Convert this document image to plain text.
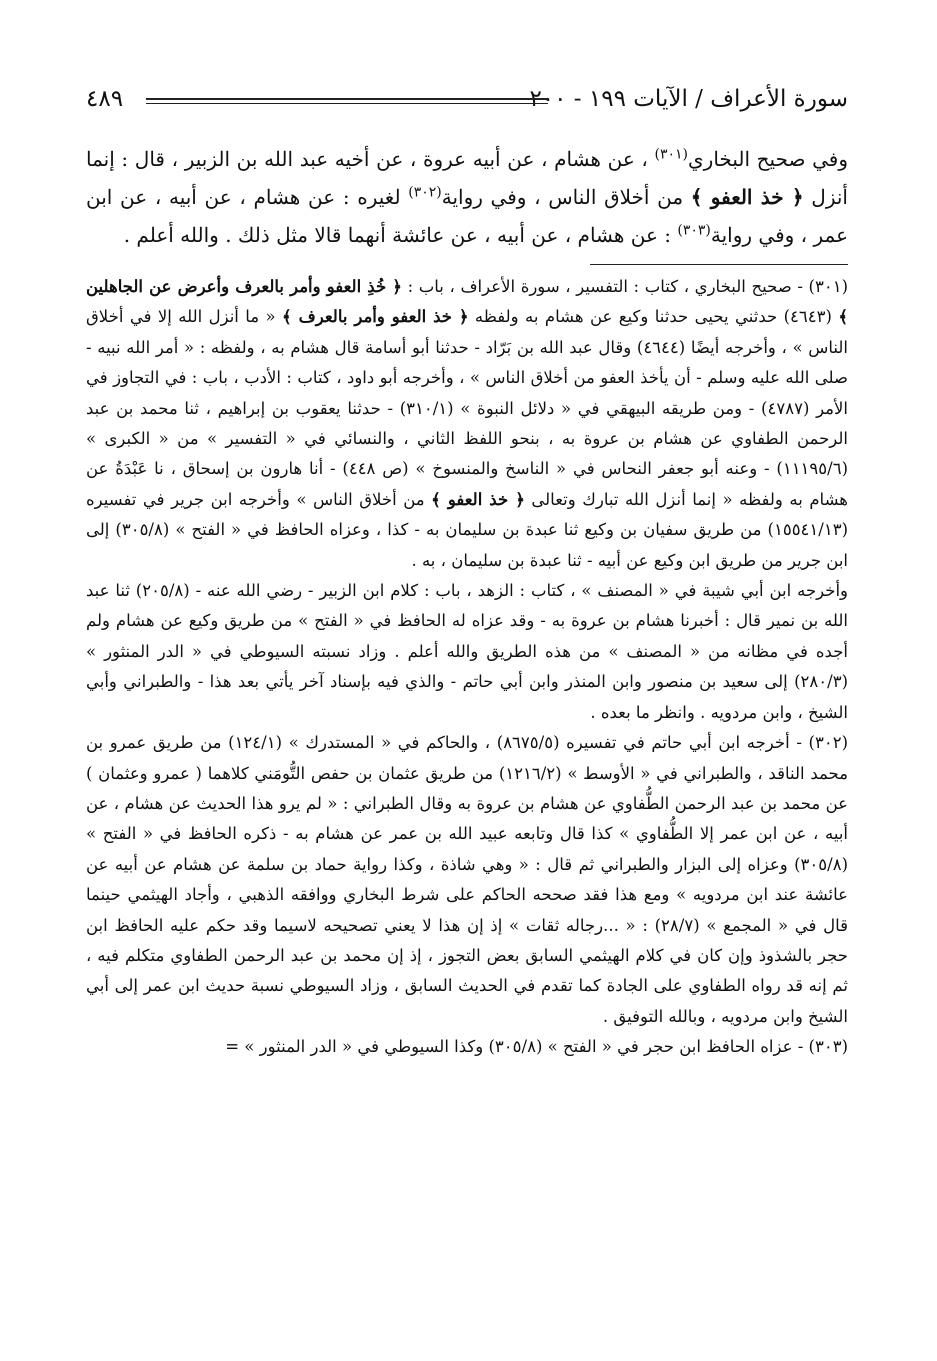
سورة الأعراف / الآيات ١٩٩ - ٢٠٠
٤٨٩
وفي صحيح البخاري$^{(٣٠١)}$ ، عن هشام ، عن أبيه عروة ، عن أخيه عبد الله بن الزبير ، قال : إنما أنزل ﴿ خذ العفو ﴾ من أخلاق الناس ، وفي رواية$^{(٣٠٢)}$ لغيره : عن هشام ، عن أبيه ، عن ابن عمر ، وفي رواية$^{(٣٠٣)}$ : عن هشام ، عن أبيه ، عن عائشة أنهما قالا مثل ذلك . والله أعلم .

(٣٠١) - صحيح البخاري ، كتاب : التفسير ، سورة الأعراف ، باب : ﴿ خُذِ العفو وأمر بالعرف وأعرض عن الجاهلين ﴾ (٤٦٤٣) حدثني يحيى حدثنا وكيع عن هشام به ولفظه ﴿ خذ العفو وأمر بالعرف ﴾ « ما أنزل الله إلا في أخلاق الناس » ، وأخرجه أيضًا (٤٦٤٤) وقال عبد الله بن بَرّاد - حدثنا أبو أسامة قال هشام به ، ولفظه : « أمر الله نبيه - صلى الله عليه وسلم - أن يأخذ العفو من أخلاق الناس » ، وأخرجه أبو داود ، كتاب : الأدب ، باب : في التجاوز في الأمر (٤٧٨٧) - ومن طريقه البيهقي في « دلائل النبوة » (٣١٠/١) - حدثنا يعقوب بن إبراهيم ، ثنا محمد بن عبد الرحمن الطفاوي عن هشام بن عروة به ، بنحو اللفظ الثاني ، والنسائي في « التفسير » من « الكبرى » (١١١٩٥/٦) - وعنه أبو جعفر النحاس في « الناسخ والمنسوخ » (ص ٤٤٨) - أنا هارون بن إسحاق ، نا عَبْدَةُ عن هشام به ولفظه « إنما أنزل الله تبارك وتعالى ﴿ خذ العفو ﴾ من أخلاق الناس » وأخرجه ابن جرير في تفسيره (١٥٥٤١/١٣) من طريق سفيان بن وكيع ثنا عبدة بن سليمان به - كذا ، وعزاه الحافظ في « الفتح » (٣٠٥/٨) إلى ابن جرير من طريق ابن وكيع عن أبيه - ثنا عبدة بن سليمان ، به .

وأخرجه ابن أبي شيبة في « المصنف » ، كتاب : الزهد ، باب : كلام ابن الزبير - رضي الله عنه - (٢٠٥/٨) ثنا عبد الله بن نمير قال : أخبرنا هشام بن عروة به - وقد عزاه له الحافظ في « الفتح » من طريق وكيع عن هشام ولم أجده في مظانه من « المصنف » من هذه الطريق والله أعلم . وزاد نسبته السيوطي في « الدر المنثور » (٢٨٠/٣) إلى سعيد بن منصور وابن المنذر وابن أبي حاتم - والذي فيه بإسناد آخر يأتي بعد هذا - والطبراني وأبي الشيخ ، وابن مردويه . وانظر ما بعده .

(٣٠٢) - أخرجه ابن أبي حاتم في تفسيره (٨٦٧٥/٥) ، والحاكم في « المستدرك » (١٢٤/١) من طريق عمرو بن محمد الناقد ، والطبراني في « الأوسط » (١٢١٦/٢) من طريق عثمان بن حفص التُّومَني كلاهما ( عمرو وعثمان ) عن محمد بن عبد الرحمن الطُّفاوي عن هشام بن عروة به وقال الطبراني : « لم يرو هذا الحديث عن هشام ، عن أبيه ، عن ابن عمر إلا الطُّفاوي » كذا قال وتابعه عبيد الله بن عمر عن هشام به - ذكره الحافظ في « الفتح » (٣٠٥/٨) وعزاه إلى البزار والطبراني ثم قال : « وهي شاذة ، وكذا رواية حماد بن سلمة عن هشام عن أبيه عن عائشة عند ابن مردويه » ومع هذا فقد صححه الحاكم على شرط البخاري ووافقه الذهبي ، وأجاد الهيثمي حينما قال في « المجمع » (٢٨/٧) : « ...رجاله ثقات » إذ إن هذا لا يعني تصحيحه لاسيما وقد حكم عليه الحافظ ابن حجر بالشذوذ وإن كان في كلام الهيثمي السابق بعض التجوز ، إذ إن محمد بن عبد الرحمن الطفاوي متكلم فيه ، ثم إنه قد رواه الطفاوي على الجادة كما تقدم في الحديث السابق ، وزاد السيوطي نسبة حديث ابن عمر إلى أبي الشيخ وابن مردويه ، وبالله التوفيق .

(٣٠٣) - عزاه الحافظ ابن حجر في « الفتح » (٣٠٥/٨) وكذا السيوطي في « الدر المنثور » =
